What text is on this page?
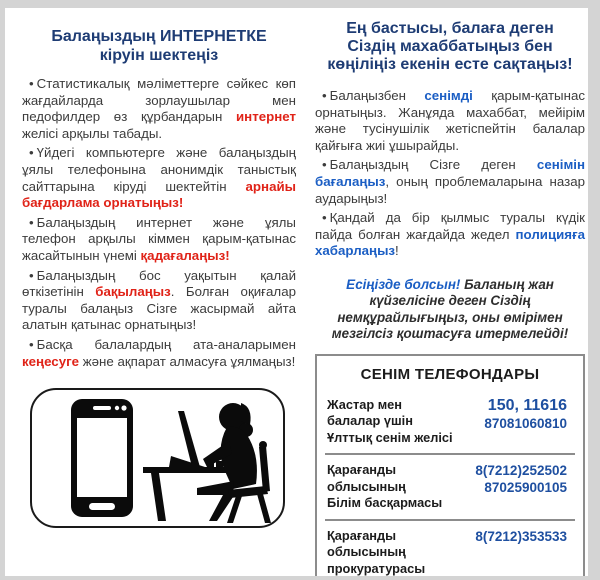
Балаңыздың ИНТЕРНЕТКЕ
кіруін шектеңіз

• Статистикалық мәліметтерге сәйкес көп жағдайларда зорлаушылар мен педофилдер өз құрбандарын интернет желісі арқылы табады.

• Үйдегі компьютерге және балаңыздың ұялы телефонына анонимдік таныстық сайттарына кіруді шектейтін арнайы бағдарлама орнатыңыз!

• Балаңыздың интернет және ұялы телефон арқылы кіммен қарым-қатынас жасайтынын үнемі қадағалаңыз!

• Балаңыздың бос уақытын қалай өткізетінін бақылаңыз. Болған оқиғалар туралы балаңыз Сізге жасырмай айта алатын қатынас орнатыңыз!

• Басқа балалардың ата-аналарымен кеңесуге және ақпарат алмасуға ұялмаңыз!

Ең бастысы, балаға деген
Сіздің махаббатыңыз бен
көңіліңіз екенін есте сақтаңыз!

• Балаңызбен сенімді қарым-қатынас орнатыңыз. Жанұяда махаббат, мейірім және тусінушілік жетіспейтін балалар қайғыға жиі ұшырайды.

• Балаңыздың Сізге деген сенімін бағалаңыз, оның проблемаларына назар аударыңыз!

• Қандай да бір қылмыс туралы күдік пайда болған жағдайда жедел полицияға хабарлаңыз!

Есіңізде болсын! Баланың жан күйзелісіне деген Сіздің немқұрайлығыңыз, оны өмірімен мезгілсіз қоштасуға итермелейді!

СЕНІМ ТЕЛЕФОНДАРЫ
Жастар мен
балалар үшін
Ұлттық сенім желісі
150, 11616
87081060810
Қарағанды
облысының
Білім басқармасы
8(7212)252502
87025900105
Қарағанды
облысының
прокуратурасы
8(7212)353533
